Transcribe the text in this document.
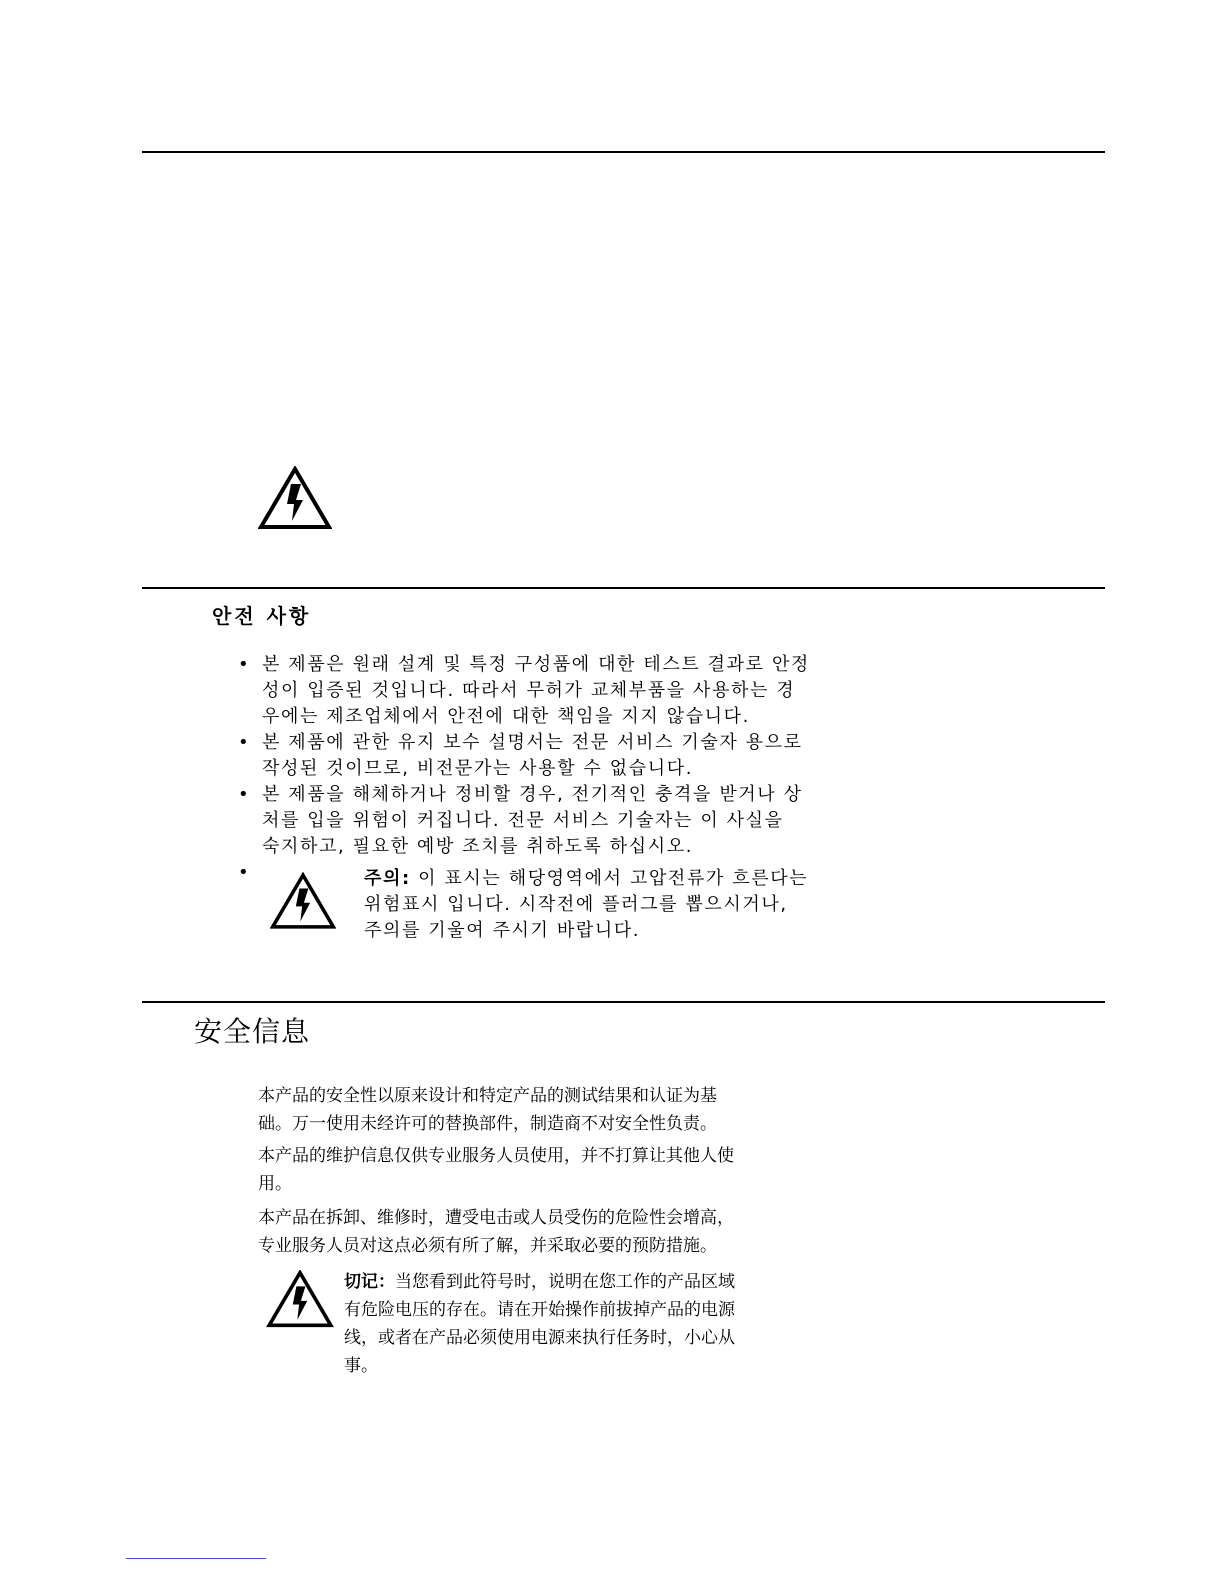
안전 사항
• 본 제품은 원래 설계 및 특정 구성품에 대한 테스트 결과로 안정
성이 입증된 것입니다. 따라서 무허가 교체부품을 사용하는 경
우에는 제조업체에서 안전에 대한 책임을 지지 않습니다.
• 본 제품에 관한 유지 보수 설명서는 전문 서비스 기술자 용으로
작성된 것이므로, 비전문가는 사용할 수 없습니다.
• 본 제품을 해체하거나 정비할 경우, 전기적인 충격을 받거나 상
처를 입을 위험이 커집니다. 전문 서비스 기술자는 이 사실을
숙지하고, 필요한 예방 조치를 취하도록 하십시오.
•	주의: 이 표시는 해당영역에서 고압전류가 흐른다는
위험표시 입니다. 시작전에 플러그를 뽑으시거나,
주의를 기울여 주시기 바랍니다.
安全信息
本产品的安全性以原来设计和特定产品的测试结果和认证为基
础。万一使用未经许可的替换部件，制造商不对安全性负责。
本产品的维护信息仅供专业服务人员使用，并不打算让其他人使
用。
本产品在拆卸、维修时，遭受电击或人员受伤的危险性会增高，
专业服务人员对这点必须有所了解，并采取必要的预防措施。
切记：当您看到此符号时，说明在您工作的产品区域
有危险电压的存在。请在开始操作前拔掉产品的电源
线，或者在产品必须使用电源来执行任务时，小心从
事。
